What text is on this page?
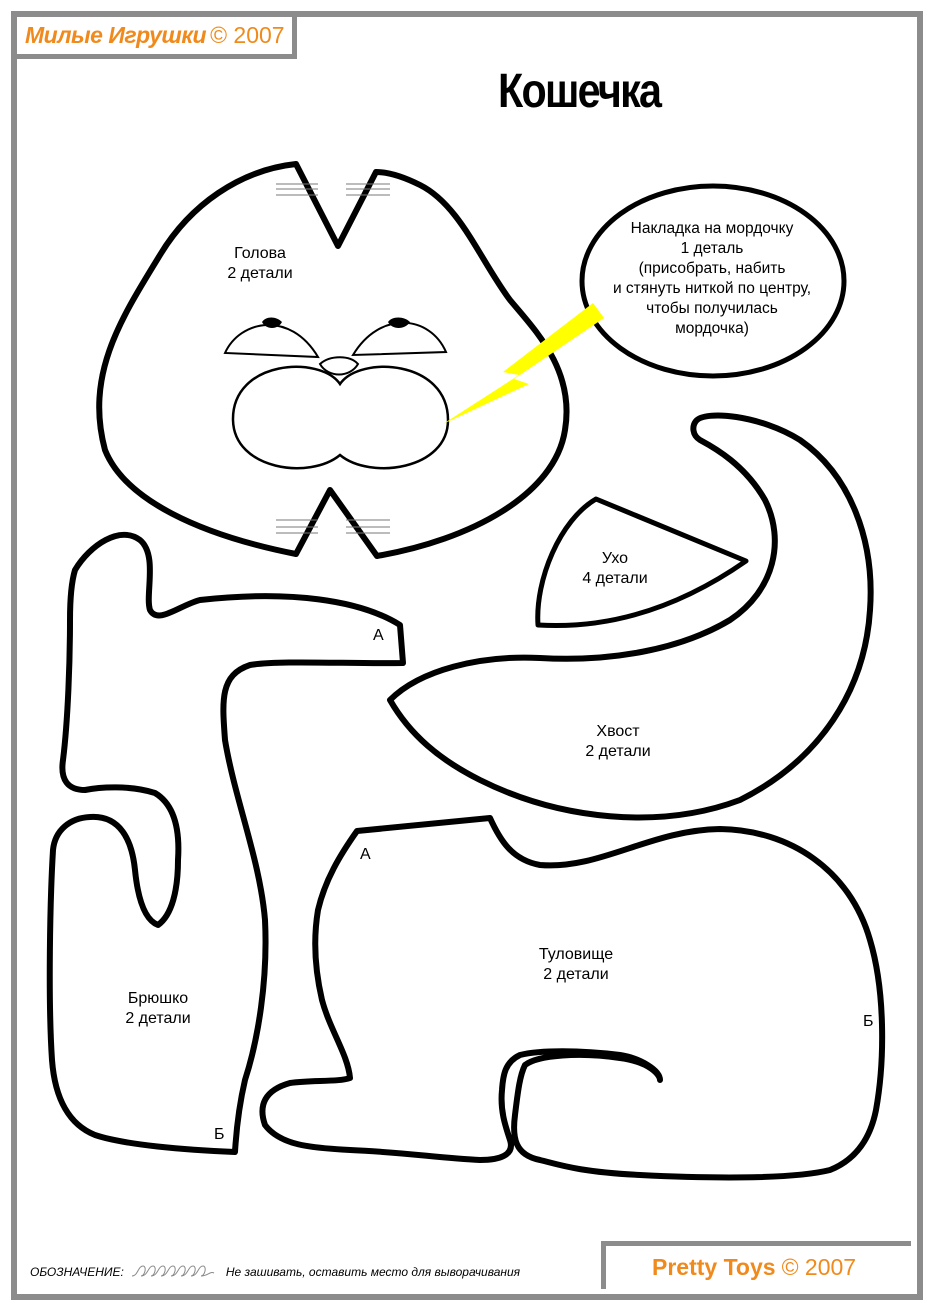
Милые Игрушки © 2007
Кошечка
Голова
2 детали
Накладка на мордочку
1 деталь
(присобрать, набить
и стянуть ниткой по центру,
чтобы получилась
мордочка)
Ухо
4 детали
Хвост
2 детали
Брюшко
2 детали
Туловище
2 детали
А
А
Б
Б
ОБОЗНАЧЕНИЕ:	Не зашивать, оставить место для выворачивания	Pretty Toys © 2007
